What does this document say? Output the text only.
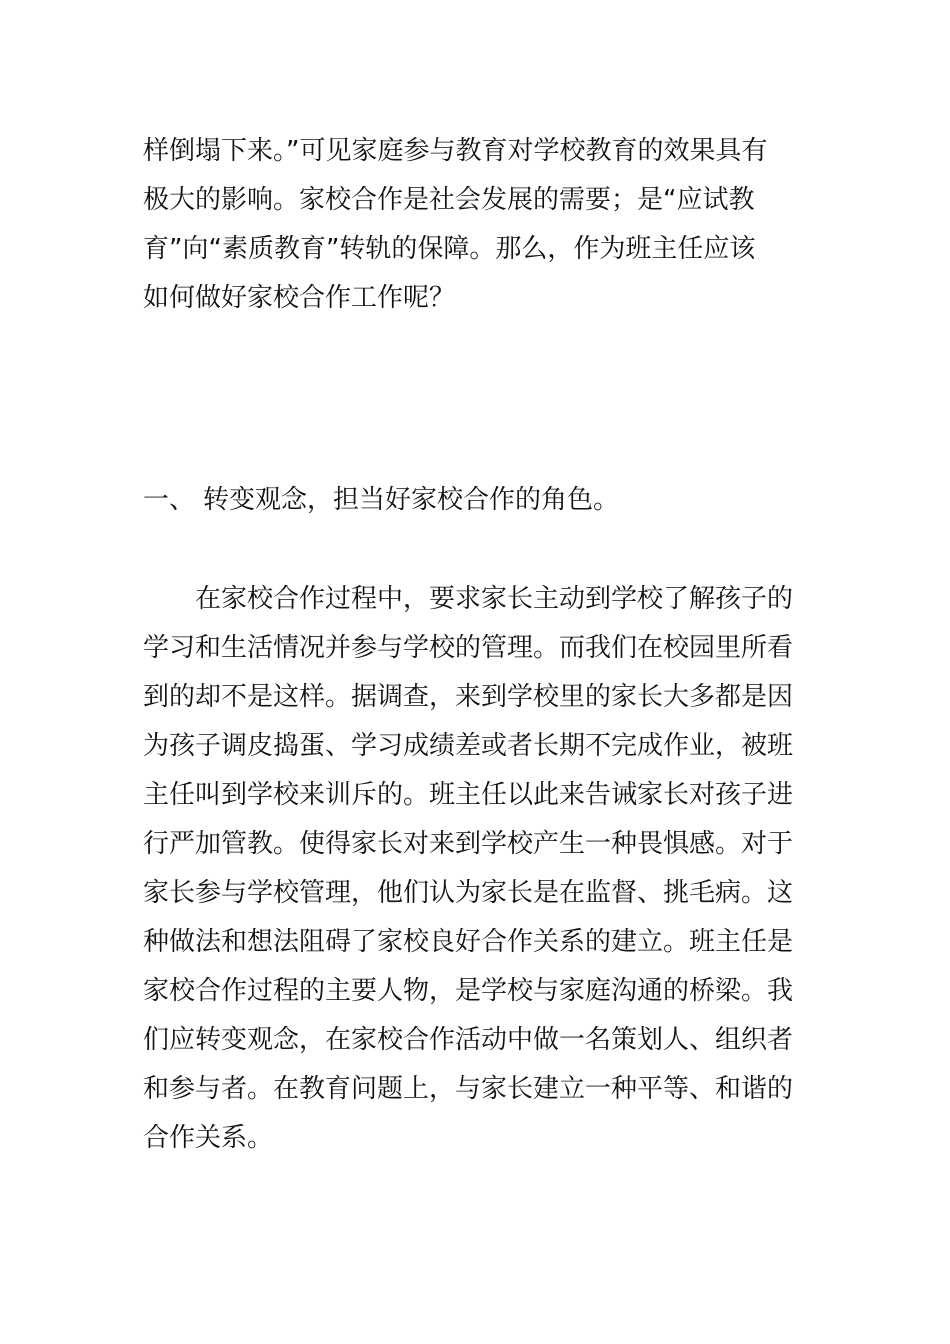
样倒塌下来。”可见家庭参与教育对学校教育的效果具有
极大的影响。家校合作是社会发展的需要；是“应试教
育”向“素质教育”转轨的保障。那么，作为班主任应该
如何做好家校合作工作呢？
一、 转变观念，担当好家校合作的角色。
在家校合作过程中，要求家长主动到学校了解孩子的
学习和生活情况并参与学校的管理。而我们在校园里所看
到的却不是这样。据调查，来到学校里的家长大多都是因
为孩子调皮捣蛋、学习成绩差或者长期不完成作业，被班
主任叫到学校来训斥的。班主任以此来告诫家长对孩子进
行严加管教。使得家长对来到学校产生一种畏惧感。对于
家长参与学校管理，他们认为家长是在监督、挑毛病。这
种做法和想法阻碍了家校良好合作关系的建立。班主任是
家校合作过程的主要人物，是学校与家庭沟通的桥梁。我
们应转变观念，在家校合作活动中做一名策划人、组织者
和参与者。在教育问题上，与家长建立一种平等、和谐的
合作关系。
